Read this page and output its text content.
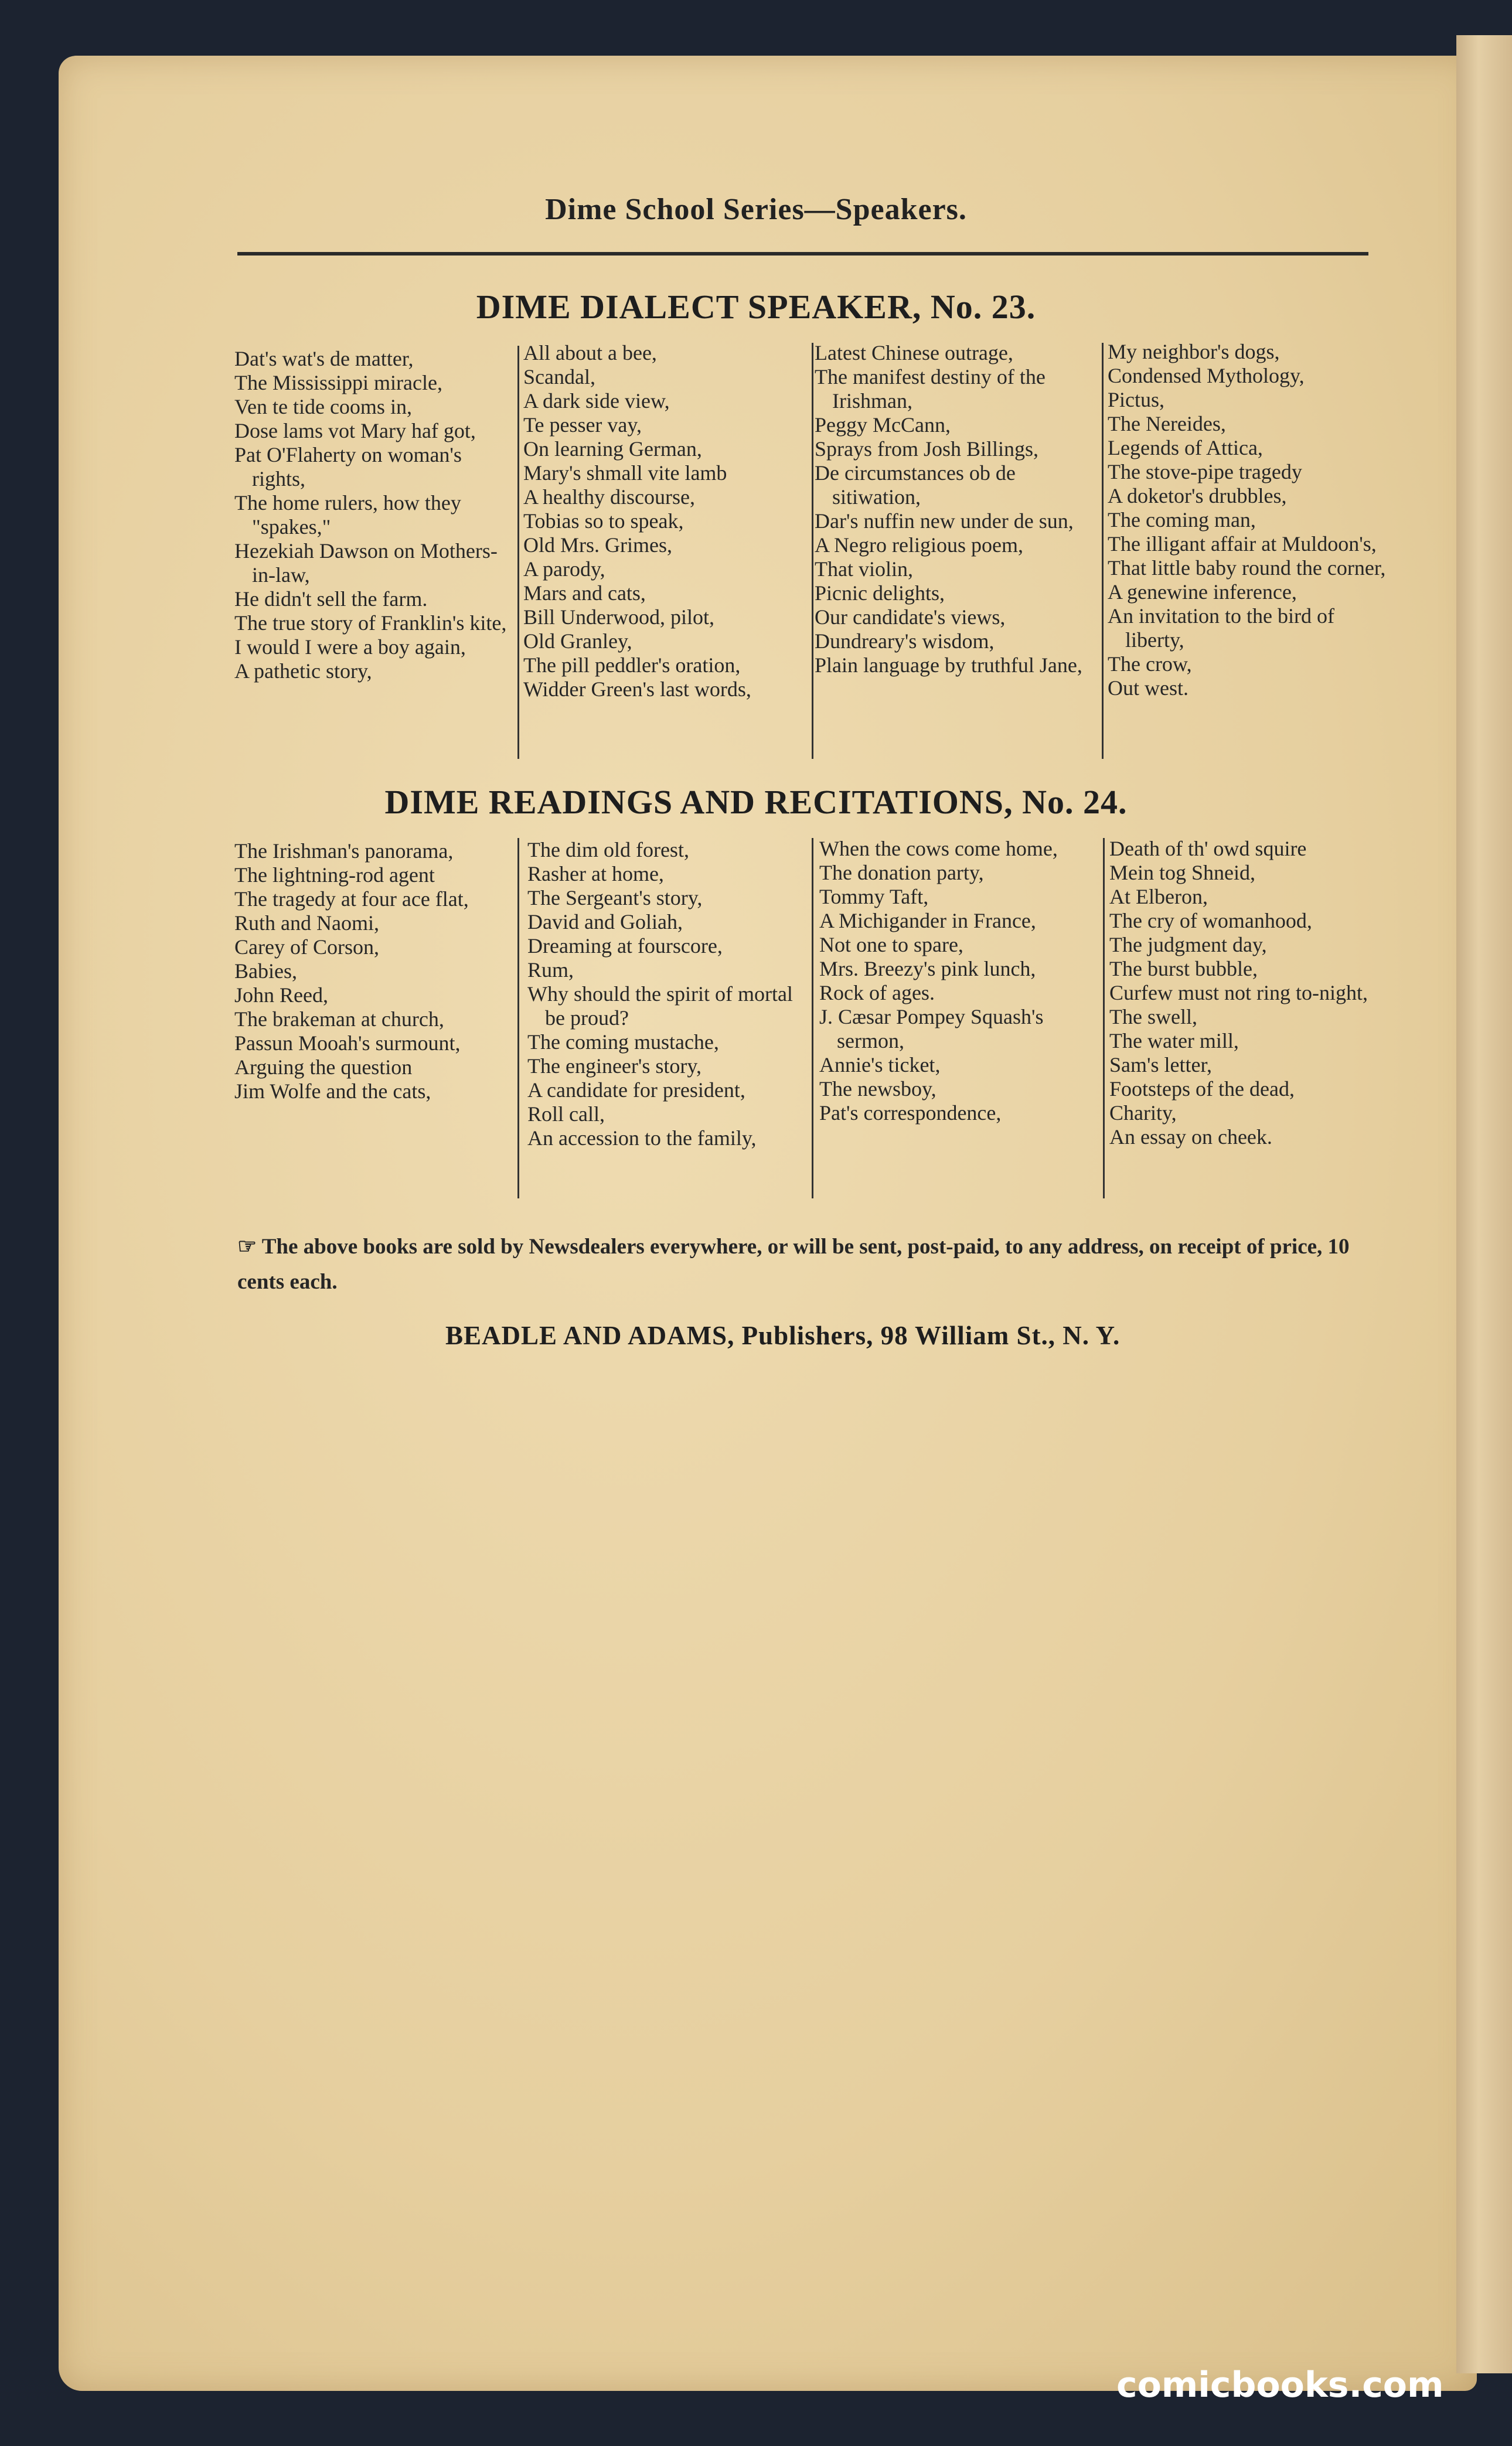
Dime School Series—Speakers.
DIME DIALECT SPEAKER, No. 23.
Dat's wat's de matter,
The Mississippi miracle,
Ven te tide cooms in,
Dose lams vot Mary haf got,
Pat O'Flaherty on woman's rights,
The home rulers, how they "spakes,"
Hezekiah Dawson on Mothers-in-law,
He didn't sell the farm.
The true story of Franklin's kite,
I would I were a boy again,
A pathetic story,
All about a bee,
Scandal,
A dark side view,
Te pesser vay,
On learning German,
Mary's shmall vite lamb
A healthy discourse,
Tobias so to speak,
Old Mrs. Grimes,
A parody,
Mars and cats,
Bill Underwood, pilot,
Old Granley,
The pill peddler's oration,
Widder Green's last words,
Latest Chinese outrage,
The manifest destiny of the Irishman,
Peggy McCann,
Sprays from Josh Billings,
De circumstances ob de sitiwation,
Dar's nuffin new under de sun,
A Negro religious poem,
That violin,
Picnic delights,
Our candidate's views,
Dundreary's wisdom,
Plain language by truthful Jane,
My neighbor's dogs,
Condensed Mythology,
Pictus,
The Nereides,
Legends of Attica,
The stove-pipe tragedy
A doketor's drubbles,
The coming man,
The illigant affair at Muldoon's,
That little baby round the corner,
A genewine inference,
An invitation to the bird of liberty,
The crow,
Out west.
DIME READINGS AND RECITATIONS, No. 24.
The Irishman's panorama,
The lightning-rod agent
The tragedy at four ace flat,
Ruth and Naomi,
Carey of Corson,
Babies,
John Reed,
The brakeman at church,
Passun Mooah's surmount,
Arguing the question
Jim Wolfe and the cats,
The dim old forest,
Rasher at home,
The Sergeant's story,
David and Goliah,
Dreaming at fourscore,
Rum,
Why should the spirit of mortal be proud?
The coming mustache,
The engineer's story,
A candidate for president,
Roll call,
An accession to the family,
When the cows come home,
The donation party,
Tommy Taft,
A Michigander in France,
Not one to spare,
Mrs. Breezy's pink lunch,
Rock of ages.
J. Cæsar Pompey Squash's sermon,
Annie's ticket,
The newsboy,
Pat's correspondence,
Death of th' owd squire
Mein tog Shneid,
At Elberon,
The cry of womanhood,
The judgment day,
The burst bubble,
Curfew must not ring to-night,
The swell,
The water mill,
Sam's letter,
Footsteps of the dead,
Charity,
An essay on cheek.
☞ The above books are sold by Newsdealers everywhere, or will be sent, post-paid, to any address, on receipt of price, 10 cents each.
BEADLE AND ADAMS, Publishers, 98 William St., N. Y.
comicbooks.com
